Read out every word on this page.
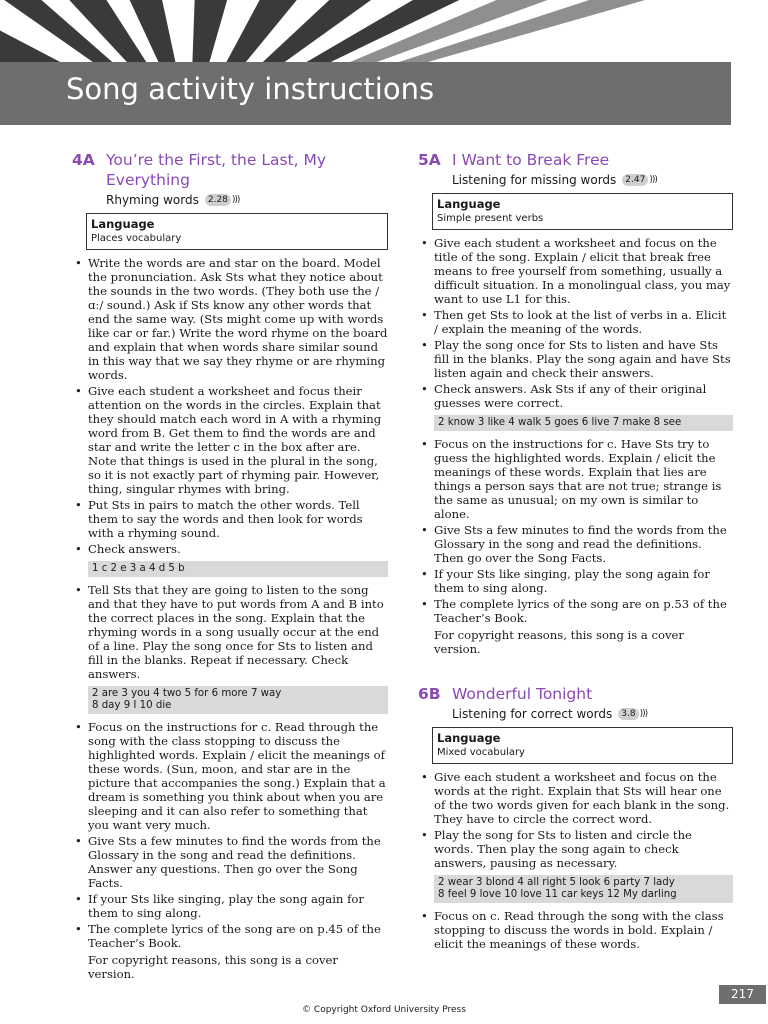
Song activity instructions
4A You’re the First, the Last, My Everything
Rhyming words	2.28 )))
Language
Places vocabulary
• Write the words are and star on the board. Model the pronunciation. Ask Sts what they notice about the sounds in the two words. (They both use the /ɑː/ sound.) Ask if Sts know any other words that end the same way. (Sts might come up with words like car or far.) Write the word rhyme on the board and explain that when words share similar sound in this way that we say they rhyme or are rhyming words.
• Give each student a worksheet and focus their attention on the words in the circles. Explain that they should match each word in A with a rhyming word from B. Get them to find the words are and star and write the letter c in the box after are. Note that things is used in the plural in the song, so it is not exactly part of rhyming pair. However, thing, singular rhymes with bring.
• Put Sts in pairs to match the other words. Tell them to say the words and then look for words with a rhyming sound.
• Check answers.
1 c 2 e 3 a 4 d 5 b
• Tell Sts that they are going to listen to the song and that they have to put words from A and B into the correct places in the song. Explain that the rhyming words in a song usually occur at the end of a line. Play the song once for Sts to listen and fill in the blanks. Repeat if necessary. Check answers.
2 are 3 you 4 two 5 for 6 more 7 way
8 day 9 I 10 die
• Focus on the instructions for c. Read through the song with the class stopping to discuss the highlighted words. Explain / elicit the meanings of these words. (Sun, moon, and star are in the picture that accompanies the song.) Explain that a dream is something you think about when you are sleeping and it can also refer to something that you want very much.
• Give Sts a few minutes to find the words from the Glossary in the song and read the definitions. Answer any questions. Then go over the Song Facts.
• If your Sts like singing, play the song again for them to sing along.
• The complete lyrics of the song are on p.45 of the Teacher’s Book.
For copyright reasons, this song is a cover version.
5A I Want to Break Free
Listening for missing words	2.47 )))
Language
Simple present verbs
• Give each student a worksheet and focus on the title of the song. Explain / elicit that break free means to free yourself from something, usually a difficult situation. In a monolingual class, you may want to use L1 for this.
• Then get Sts to look at the list of verbs in a. Elicit / explain the meaning of the words.
• Play the song once for Sts to listen and have Sts fill in the blanks. Play the song again and have Sts listen again and check their answers.
• Check answers. Ask Sts if any of their original guesses were correct.
2 know 3 like 4 walk 5 goes 6 live 7 make 8 see
• Focus on the instructions for c. Have Sts try to guess the highlighted words. Explain / elicit the meanings of these words. Explain that lies are things a person says that are not true; strange is the same as unusual; on my own is similar to alone.
• Give Sts a few minutes to find the words from the Glossary in the song and read the definitions. Then go over the Song Facts.
• If your Sts like singing, play the song again for them to sing along.
• The complete lyrics of the song are on p.53 of the Teacher’s Book.
For copyright reasons, this song is a cover version.
6B Wonderful Tonight
Listening for correct words	3.8 )))
Language
Mixed vocabulary
• Give each student a worksheet and focus on the words at the right. Explain that Sts will hear one of the two words given for each blank in the song. They have to circle the correct word.
• Play the song for Sts to listen and circle the words. Then play the song again to check answers, pausing as necessary.
2 wear 3 blond 4 all right 5 look 6 party 7 lady
8 feel 9 love 10 love 11 car keys 12 My darling
• Focus on c. Read through the song with the class stopping to discuss the words in bold. Explain / elicit the meanings of these words.
217
© Copyright Oxford University Press
